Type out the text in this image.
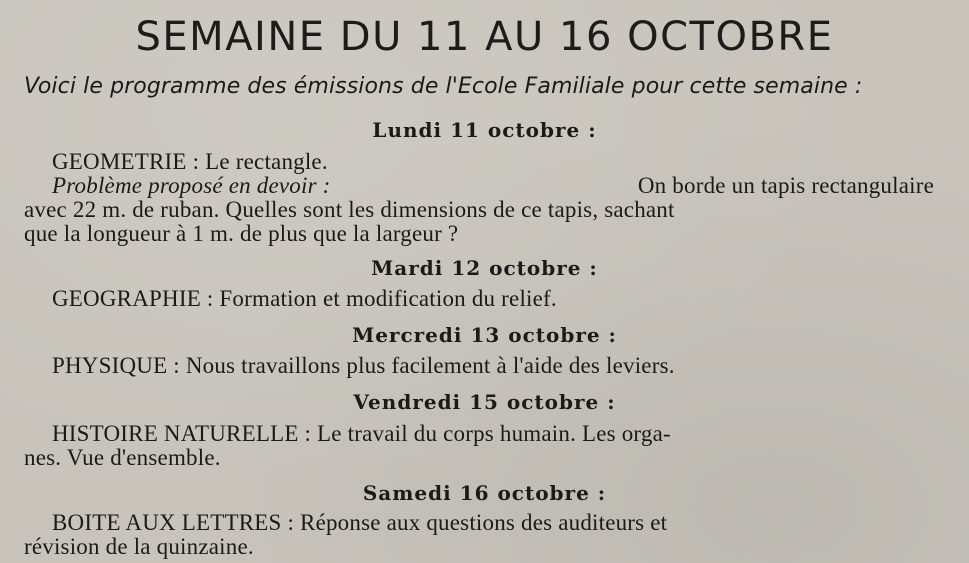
SEMAINE DU 11 AU 16 OCTOBRE
Voici le programme des émissions de l'Ecole Familiale pour cette semaine :
Lundi 11 octobre :
GEOMETRIE : Le rectangle.
Problème proposé en devoir :	On borde un tapis rectangulaire
avec 22 m. de ruban. Quelles sont les dimensions de ce tapis, sachant
que la longueur à 1 m. de plus que la largeur ?
Mardi 12 octobre :
GEOGRAPHIE : Formation et modification du relief.
Mercredi 13 octobre :
PHYSIQUE : Nous travaillons plus facilement à l'aide des leviers.
Vendredi 15 octobre :
HISTOIRE NATURELLE : Le travail du corps humain. Les orga-
nes. Vue d'ensemble.
Samedi 16 octobre :
BOITE AUX LETTRES : Réponse aux questions des auditeurs et
révision de la quinzaine.
